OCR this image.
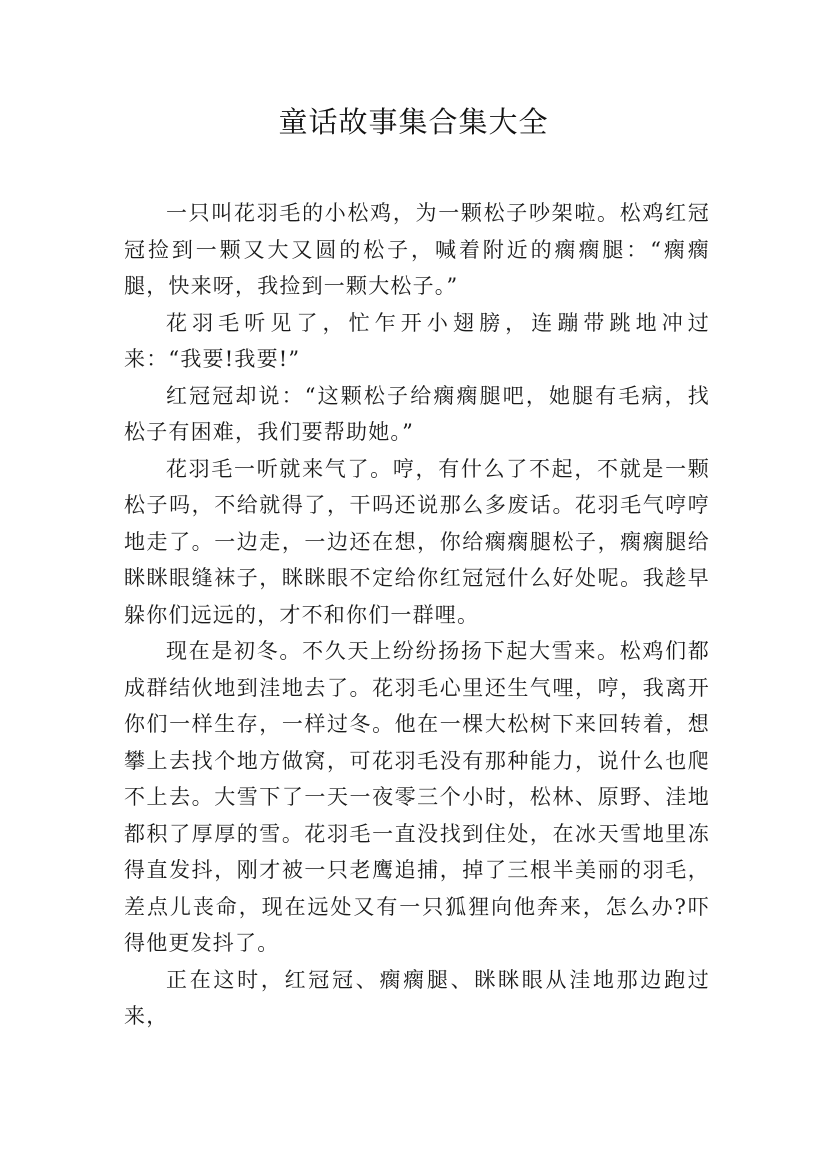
童话故事集合集大全

一只叫花羽毛的小松鸡，为一颗松子吵架啦。松鸡红冠冠捡到一颗又大又圆的松子，喊着附近的瘸瘸腿：“瘸瘸腿，快来呀，我捡到一颗大松子。”

花羽毛听见了，忙乍开小翅膀，连蹦带跳地冲过来：“我要!我要!”

红冠冠却说：“这颗松子给瘸瘸腿吧，她腿有毛病，找松子有困难，我们要帮助她。”

花羽毛一听就来气了。哼，有什么了不起，不就是一颗松子吗，不给就得了，干吗还说那么多废话。花羽毛气哼哼地走了。一边走，一边还在想，你给瘸瘸腿松子，瘸瘸腿给眯眯眼缝袜子，眯眯眼不定给你红冠冠什么好处呢。我趁早躲你们远远的，才不和你们一群哩。

现在是初冬。不久天上纷纷扬扬下起大雪来。松鸡们都成群结伙地到洼地去了。花羽毛心里还生气哩，哼，我离开你们一样生存，一样过冬。他在一棵大松树下来回转着，想攀上去找个地方做窝，可花羽毛没有那种能力，说什么也爬不上去。大雪下了一天一夜零三个小时，松林、原野、洼地都积了厚厚的雪。花羽毛一直没找到住处，在冰天雪地里冻得直发抖，刚才被一只老鹰追捕，掉了三根半美丽的羽毛，差点儿丧命，现在远处又有一只狐狸向他奔来，怎么办?吓得他更发抖了。

正在这时，红冠冠、瘸瘸腿、眯眯眼从洼地那边跑过来，
